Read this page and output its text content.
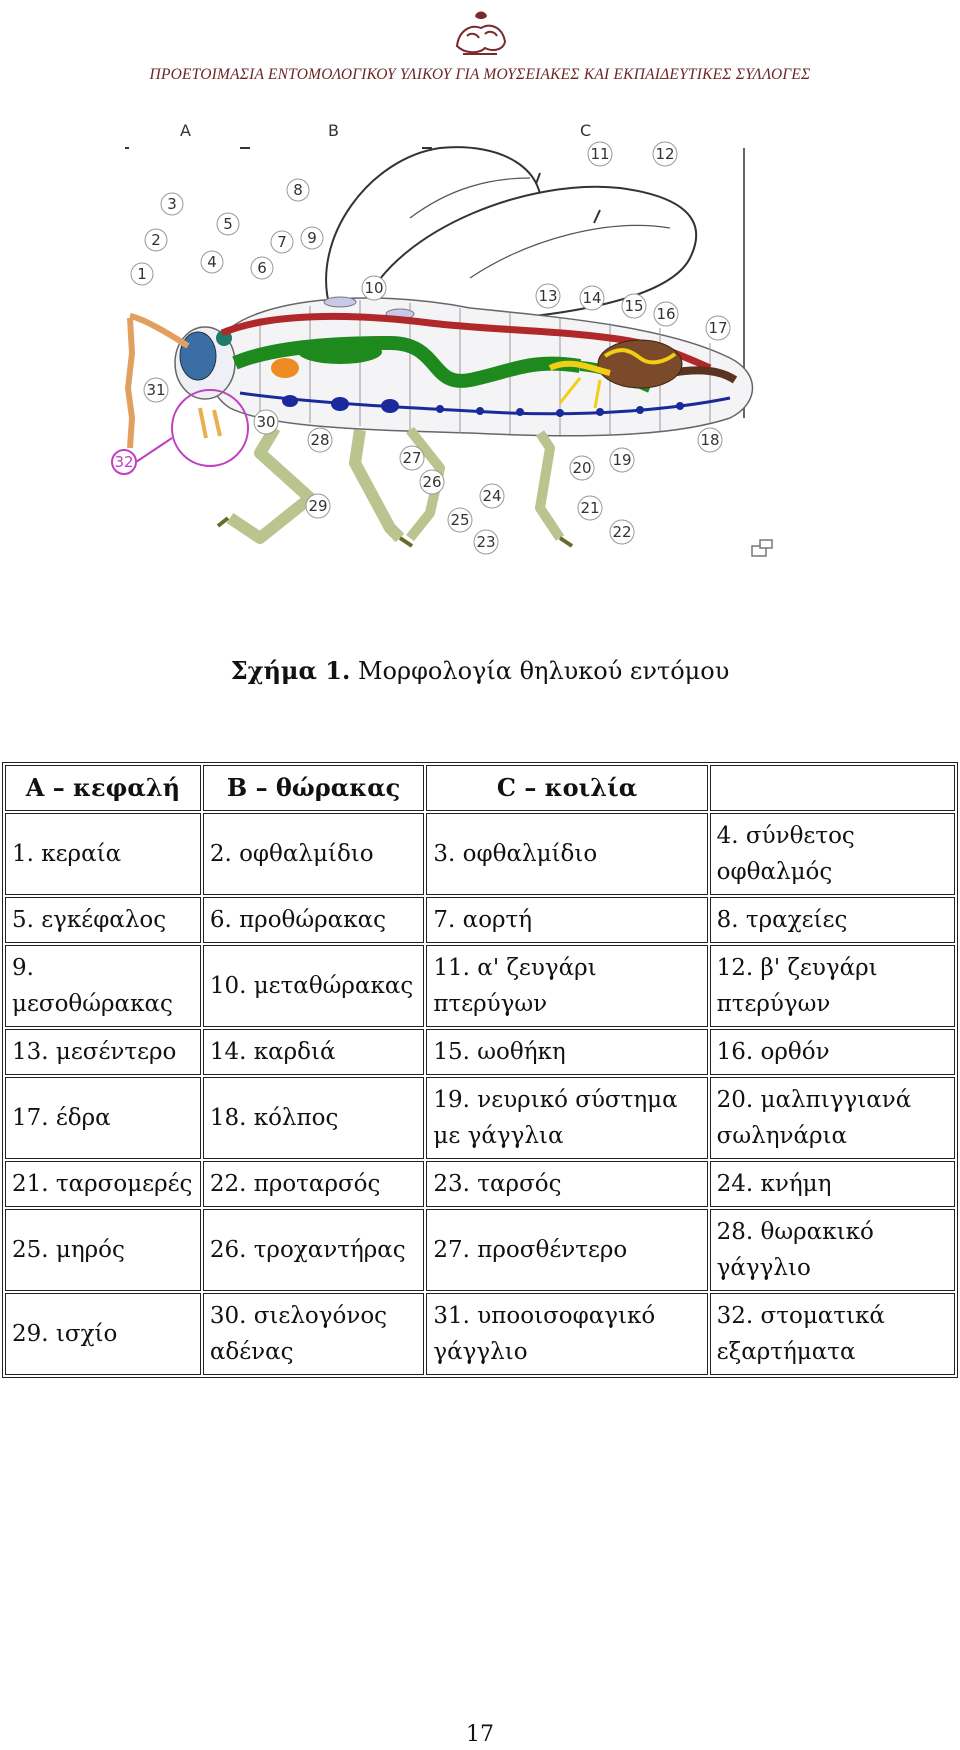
ΠΡΟΕΤΟΙΜΑΣΙΑ ΕΝΤΟΜΟΛΟΓΙΚΟΥ ΥΛΙΚΟΥ ΓΙΑ ΜΟΥΣΕΙΑΚΕΣ ΚΑΙ ΕΚΠΑΙΔΕΥΤΙΚΕΣ ΣΥΛΛΟΓΕΣ
A	B	C
1
2
3
4
5
6
7
8
9
10
11	12
13 14 15 16
17
18
19
20
21
22
23
24
25
26
27
28
29
30
31
32
Σχήμα 1. Μορφολογία θηλυκού εντόμου
A – κεφαλή	B – θώρακας	C – κοιλία	
1. κεραία	2. οφθαλμίδιο	3. οφθαλμίδιο	4. σύνθετος οφθαλμός
5. εγκέφαλος	6. προθώρακας	7. αορτή	8. τραχείες
9. μεσοθώρακας	10. μεταθώρακας	11. α' ζευγάρι πτερύγων	12. β' ζευγάρι πτερύγων
13. μεσέντερο	14. καρδιά	15. ωοθήκη	16. ορθόν
17. έδρα	18. κόλπος	19. νευρικό σύστημα με γάγγλια	20. μαλπιγγιανά σωληνάρια
21. ταρσομερές	22. προταρσός	23. ταρσός	24. κνήμη
25. μηρός	26. τροχαντήρας	27. προσθέντερο	28. θωρακικό γάγγλιο
29. ισχίο	30. σιελογόνος αδένας	31. υποοισοφαγικό γάγγλιο	32. στοματικά εξαρτήματα
17
